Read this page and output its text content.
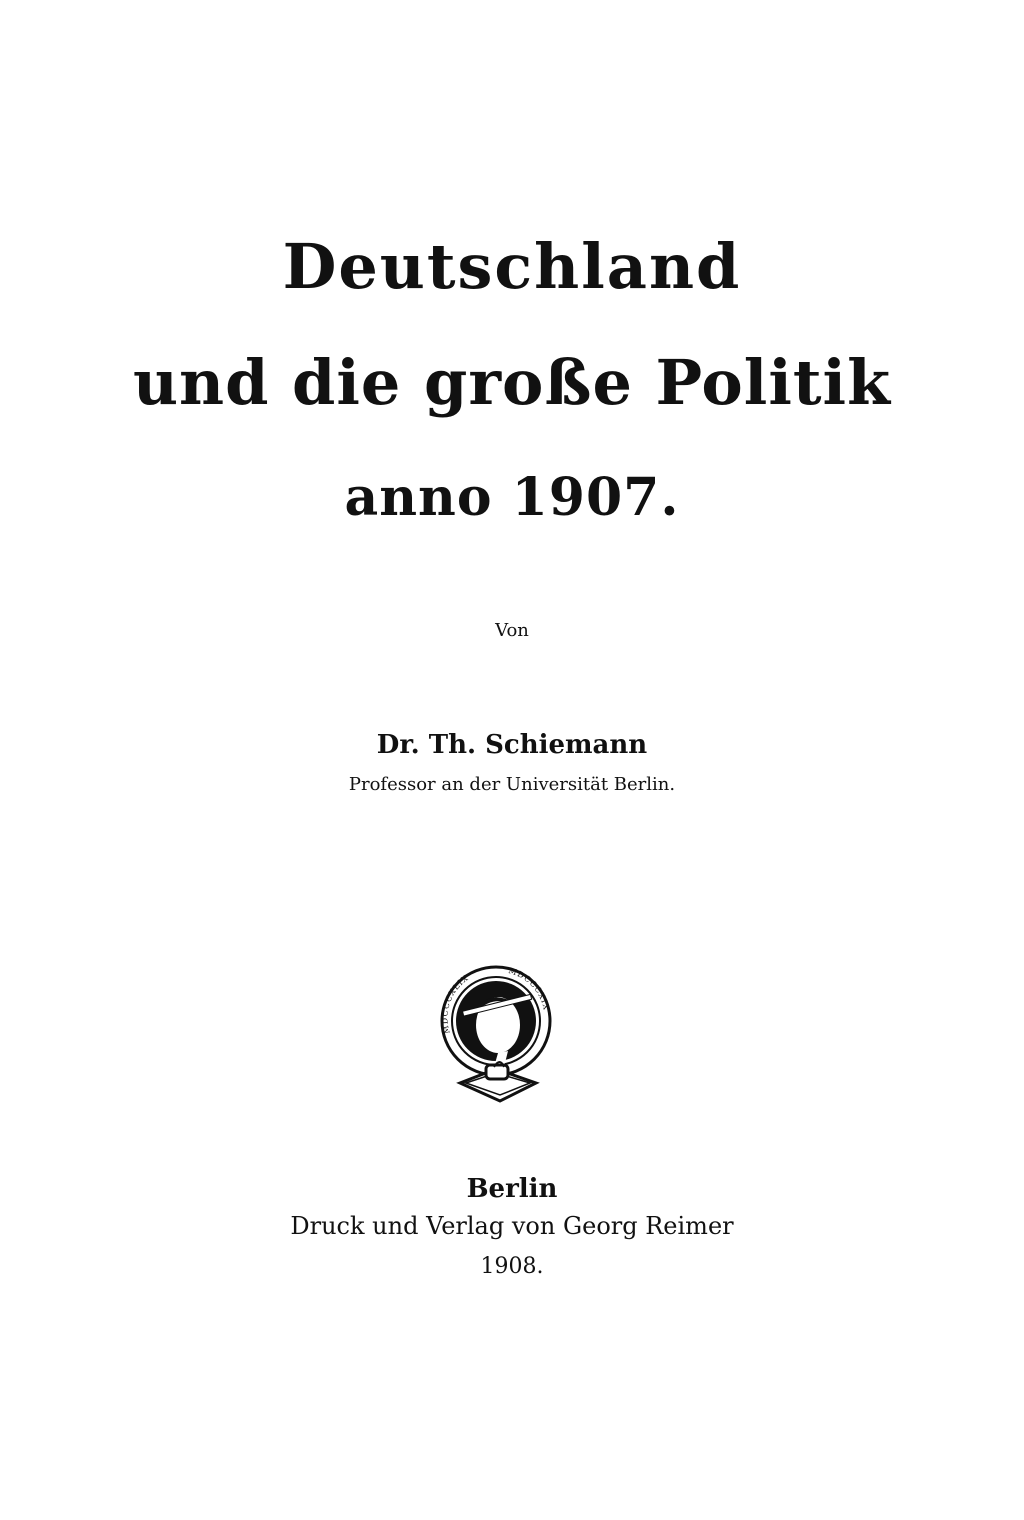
Deutschland
und die große Politik
anno 1907.
Von
Dr. Th. Schiemann
Professor an der Universität Berlin.
MDCCCXLIX
MDCCCXIX
Berlin
Druck und Verlag von Georg Reimer
1908.
